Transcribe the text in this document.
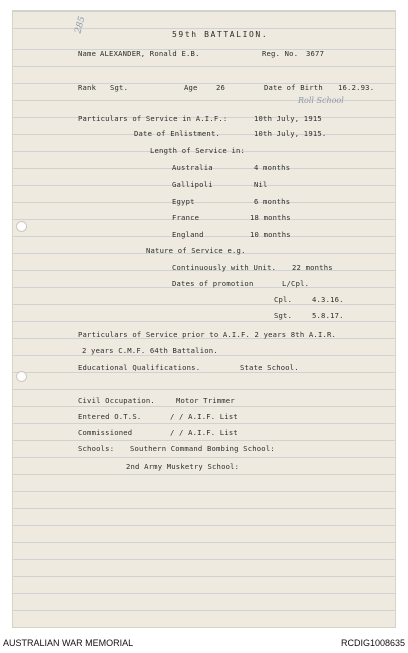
285	59th BATTALION.
Name ALEXANDER, Ronald E.B.	Reg. No. 3677
Rank Sgt.	Age	26	Date of Birth 16.2.93.
Roll School
Particulars of Service in A.I.F.:	10th July, 1915
Date of Enlistment.	10th July, 1915.
Length of Service in:
Australia	4 months
Gallipoli	Nil
Egypt	6 months
France	18 months
England	10 months
Nature of Service e.g.
Continuously with Unit. 22 months
Dates of promotion	L/Cpl.
Cpl.	4.3.16.
Sgt.	5.8.17.
Particulars of Service prior to A.I.F. 2 years 8th A.I.R.
2 years C.M.F. 64th Battalion.
Educational Qualifications.	State School.
Civil Occupation.	Motor Trimmer
Entered O.T.S.	/ / A.I.F. List
Commissioned	/ / A.I.F. List
Schools: Southern Command Bombing School:
2nd Army Musketry School:
AUSTRALIAN WAR MEMORIAL	RCDIG1008635
